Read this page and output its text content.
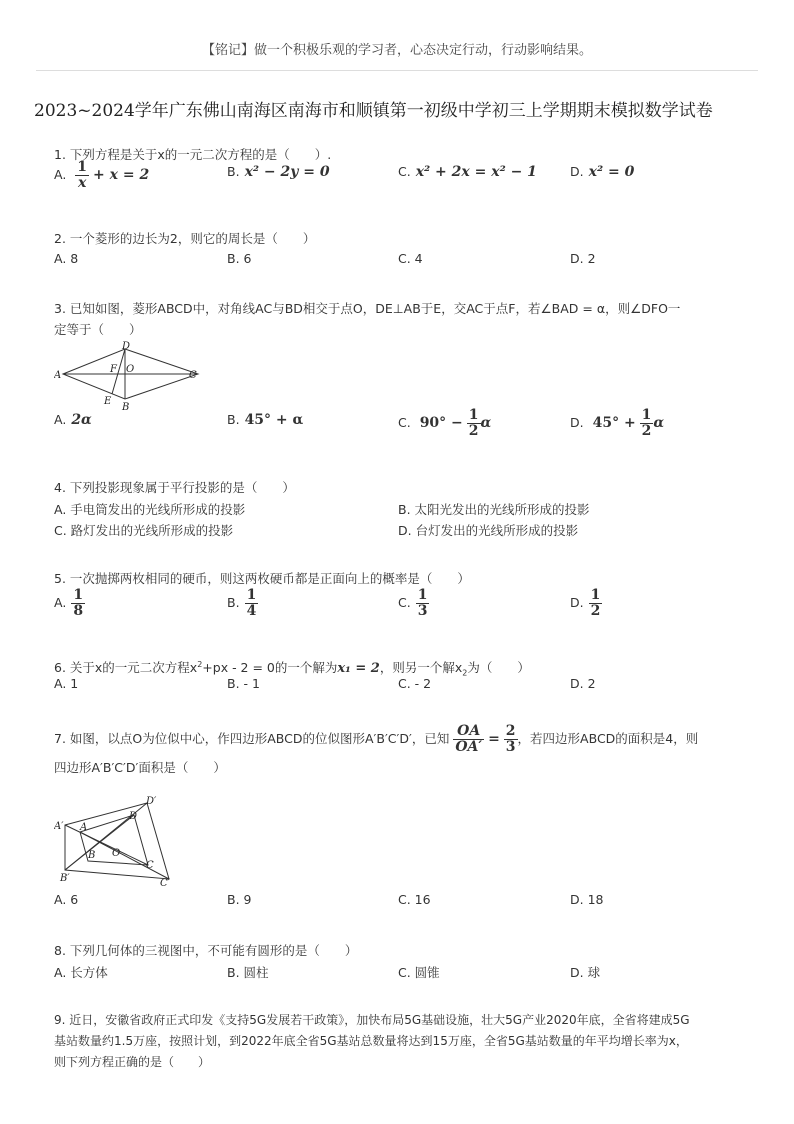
【铭记】做一个积极乐观的学习者，心态决定行动，行动影响结果。
2023~2024学年广东佛山南海区南海市和顺镇第一初级中学初三上学期期末模拟数学试卷
1. 下列方程是关于x的一元二次方程的是（　　）.
A. $\frac{1}{x} + x = 2$	B. x² − 2y = 0	C. x² + 2x = x² − 1	D. x² = 0
2. 一个菱形的边长为2，则它的周长是（　　）
A. 8	B. 6	C. 4	D. 2
3. 已知如图，菱形ABCD中，对角线AC与BD相交于点O，DE⊥AB于E，交AC于点F，若∠BAD = α，则∠DFO一
定等于（　　）
A
D
C
B
E
F O
A. 2α	B. 45° + α	C. $90^\circ - \frac{1}{2}$ α	D. $45^\circ + \frac{1}{2}$ α
4. 下列投影现象属于平行投影的是（　　）
A. 手电筒发出的光线所形成的投影	B. 太阳光发出的光线所形成的投影
C. 路灯发出的光线所形成的投影	D. 台灯发出的光线所形成的投影
5. 一次抛掷两枚相同的硬币，则这两枚硬币都是正面向上的概率是（　　）
A. $\frac{1}{8}$	B. $\frac{1}{4}$	C. $\frac{1}{3}$	D. $\frac{1}{2}$
6. 关于x的一元二次方程$x^2+px - 2 = 0$的一个解为x₁ = 2，则另一个解$x_2$为（　　）
A. 1	B. - 1	C. - 2	D. 2
7. 如图，以点O为位似中心，作四边形ABCD的位似图形A′B′C′D′，已知 $\frac{OA}{OA'} = \frac{2}{3}$ ，若四边形ABCD的面积是4，则
四边形A′B′C′D′面积是（　　）
A′
D′
C′
B′
A
D
C
B O
A. 6	B. 9	C. 16	D. 18
8. 下列几何体的三视图中，不可能有圆形的是（　　）
A. 长方体	B. 圆柱	C. 圆锥	D. 球
9. 近日，安徽省政府正式印发《支持5G发展若干政策》，加快布局5G基础设施，壮大5G产业2020年底，全省将建成5G
基站数量约1.5万座，按照计划，到2022年底全省5G基站总数量将达到15万座，全省5G基站数量的年平均增长率为x，
则下列方程正确的是（　　）
